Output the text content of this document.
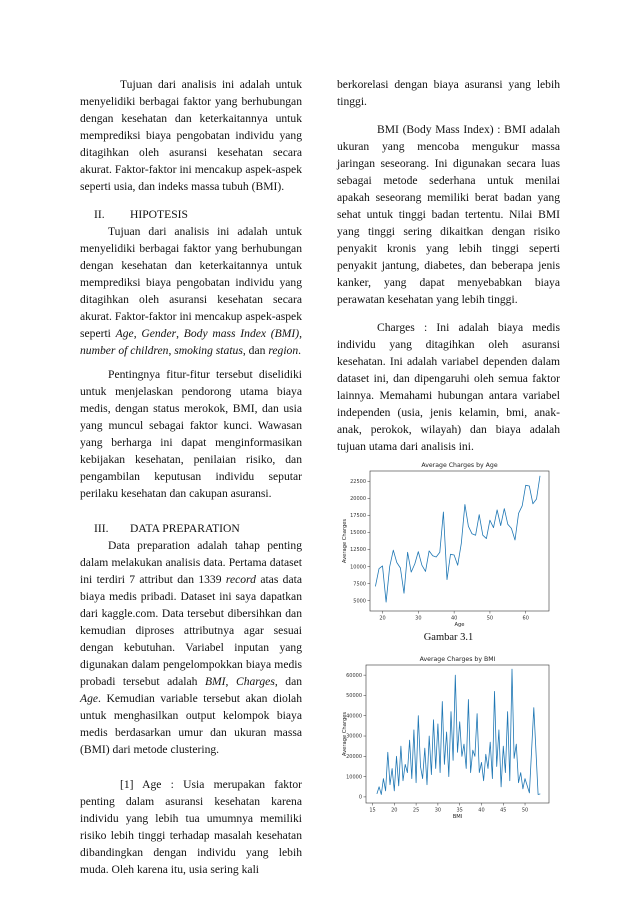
Tujuan dari analisis ini adalah untuk menyelidiki berbagai faktor yang berhubungan dengan kesehatan dan keterkaitannya untuk memprediksi biaya pengobatan individu yang ditagihkan oleh asuransi kesehatan secara akurat. Faktor-faktor ini mencakup aspek-aspek seperti usia, dan indeks massa tubuh (BMI).

II. HIPOTESIS

Tujuan dari analisis ini adalah untuk menyelidiki berbagai faktor yang berhubungan dengan kesehatan dan keterkaitannya untuk memprediksi biaya pengobatan individu yang ditagihkan oleh asuransi kesehatan secara akurat. Faktor-faktor ini mencakup aspek-aspek seperti Age, Gender, Body mass Index (BMI), number of children, smoking status, dan region.

Pentingnya fitur-fitur tersebut diselidiki untuk menjelaskan pendorong utama biaya medis, dengan status merokok, BMI, dan usia yang muncul sebagai faktor kunci. Wawasan yang berharga ini dapat menginformasikan kebijakan kesehatan, penilaian risiko, dan pengambilan keputusan individu seputar perilaku kesehatan dan cakupan asuransi.

III. DATA PREPARATION

Data preparation adalah tahap penting dalam melakukan analisis data. Pertama dataset ini terdiri 7 attribut dan 1339 record atas data biaya medis pribadi. Dataset ini saya dapatkan dari kaggle.com. Data tersebut dibersihkan dan kemudian diproses attributnya agar sesuai dengan kebutuhan. Variabel inputan yang digunakan dalam pengelompokkan biaya medis probadi tersebut adalah BMI, Charges, dan Age. Kemudian variable tersebut akan diolah untuk menghasilkan output kelompok biaya medis berdasarkan umur dan ukuran massa (BMI) dari metode clustering.

[1] Age : Usia merupakan faktor penting dalam asuransi kesehatan karena individu yang lebih tua umumnya memiliki risiko lebih tinggi terhadap masalah kesehatan dibandingkan dengan individu yang lebih muda. Oleh karena itu, usia sering kali

berkorelasi dengan biaya asuransi yang lebih tinggi.

BMI (Body Mass Index) : BMI adalah ukuran yang mencoba mengukur massa jaringan seseorang. Ini digunakan secara luas sebagai metode sederhana untuk menilai apakah seseorang memiliki berat badan yang sehat untuk tinggi badan tertentu. Nilai BMI yang tinggi sering dikaitkan dengan risiko penyakit kronis yang lebih tinggi seperti penyakit jantung, diabetes, dan beberapa jenis kanker, yang dapat menyebabkan biaya perawatan kesehatan yang lebih tinggi.

Charges : Ini adalah biaya medis individu yang ditagihkan oleh asuransi kesehatan. Ini adalah variabel dependen dalam dataset ini, dan dipengaruhi oleh semua faktor lainnya. Memahami hubungan antara variabel independen (usia, jenis kelamin, bmi, anak-anak, perokok, wilayah) dan biaya adalah tujuan utama dari analisis ini.

Average Charges by Age
20	30	40	50	60
5000
7500
10000
12500
15000
17500
20000
22500
Age
Average Charges
Gambar 3.1
Average Charges by BMI
15	20	25	30	35	40	45	50
0
10000
20000
30000
40000
50000
60000
BMI
Average Charges
